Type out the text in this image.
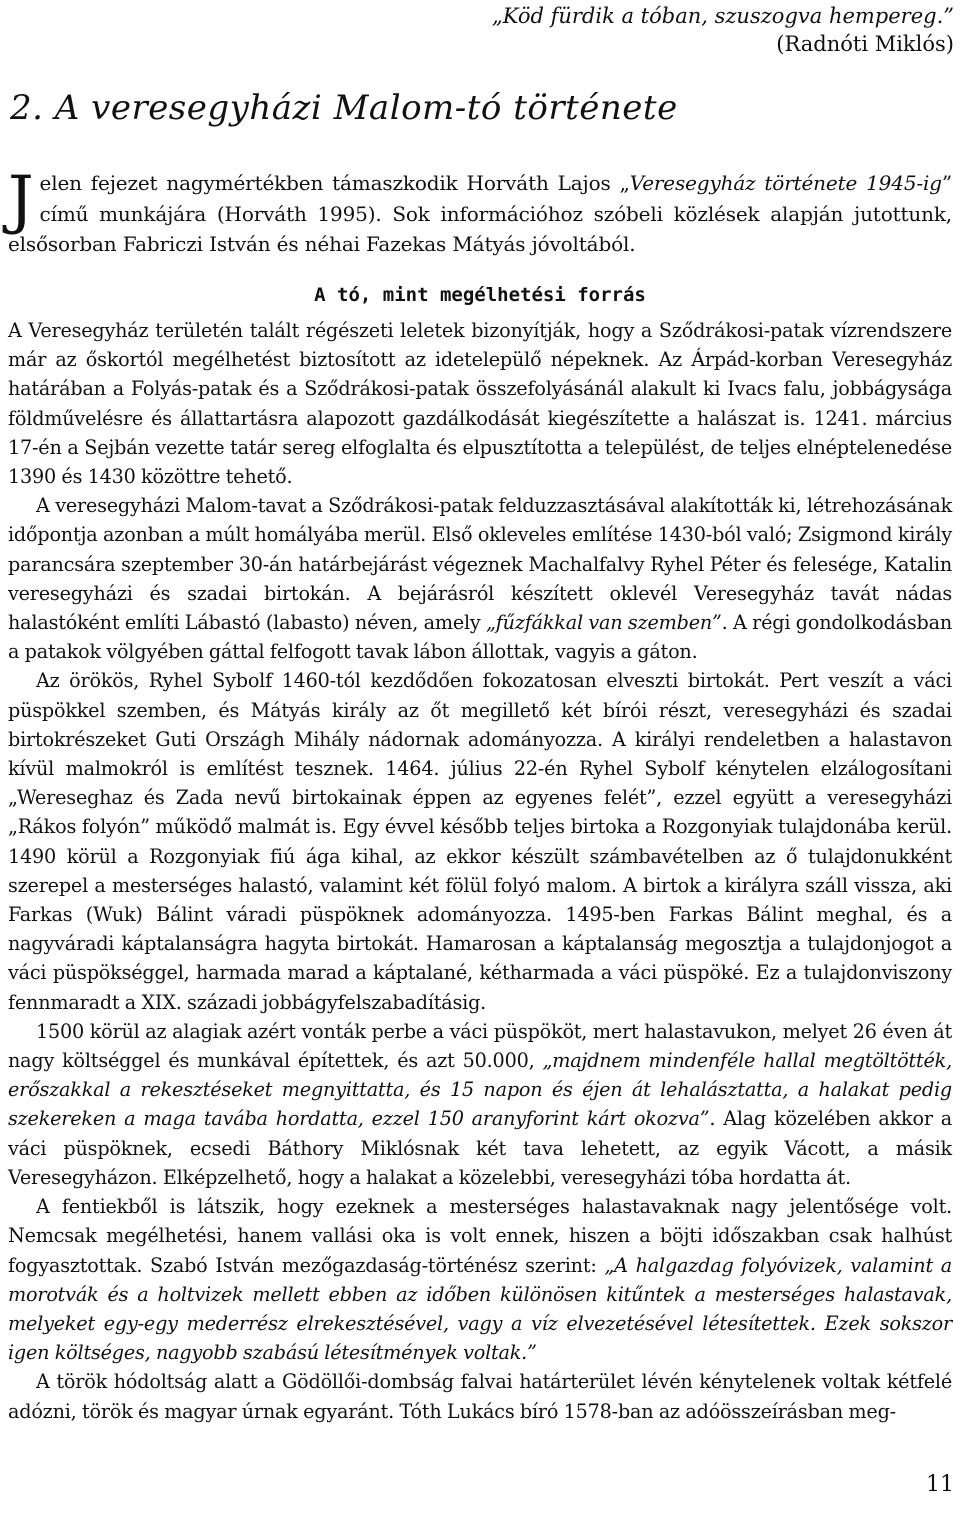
„Köd fürdik a tóban, szuszogva hempereg.”
(Radnóti Miklós)
2. A veresegyházi Malom-tó története

Jelen fejezet nagymértékben támaszkodik Horváth Lajos „Veresegyház története 1945-ig” című munkájára (Horváth 1995). Sok információhoz szóbeli közlések alapján jutottunk, elsősorban Fabriczi István és néhai Fazekas Mátyás jóvoltából.

A tó, mint megélhetési forrás

A Veresegyház területén talált régészeti leletek bizonyítják, hogy a Sződrákosi-patak vízrendszere már az őskortól megélhetést biztosított az idetelepülő népeknek. Az Árpád-korban Veresegyház határában a Folyás-patak és a Sződrákosi-patak összefolyásánál alakult ki Ivacs falu, jobbágysága földművelésre és állattartásra alapozott gazdálkodását kiegészítette a halászat is. 1241. március 17-én a Sejbán vezette tatár sereg elfoglalta és elpusztította a települést, de teljes elnéptelenedése 1390 és 1430 közöttre tehető.

A veresegyházi Malom-tavat a Sződrákosi-patak felduzzasztásával alakították ki, létrehozásának időpontja azonban a múlt homályába merül. Első okleveles említése 1430-ból való; Zsigmond király parancsára szeptember 30-án határbejárást végeznek Machalfalvy Ryhel Péter és felesége, Katalin veresegyházi és szadai birtokán. A bejárásról készített oklevél Veresegyház tavát nádas halastóként említi Lábastó (labasto) néven, amely „fűzfákkal van szemben”. A régi gondolkodásban a patakok völgyében gáttal felfogott tavak lábon állottak, vagyis a gáton.

Az örökös, Ryhel Sybolf 1460-tól kezdődően fokozatosan elveszti birtokát. Pert veszít a váci püspökkel szemben, és Mátyás király az őt megillető két bírói részt, veresegyházi és szadai birtokrészeket Guti Országh Mihály nádornak adományozza. A királyi rendeletben a halastavon kívül malmokról is említést tesznek. 1464. július 22-én Ryhel Sybolf kénytelen elzálogosítani „Wereseghaz és Zada nevű birtokainak éppen az egyenes felét”, ezzel együtt a veresegyházi „Rákos folyón” működő malmát is. Egy évvel később teljes birtoka a Rozgonyiak tulajdonába kerül. 1490 körül a Rozgonyiak fiú ága kihal, az ekkor készült számbavételben az ő tulajdonukként szerepel a mesterséges halastó, valamint két fölül folyó malom. A birtok a királyra száll vissza, aki Farkas (Wuk) Bálint váradi püspöknek adományozza. 1495-ben Farkas Bálint meghal, és a nagyváradi káptalanságra hagyta birtokát. Hamarosan a káptalanság megosztja a tulajdonjogot a váci püspökséggel, harmada marad a káptalané, kétharmada a váci püspöké. Ez a tulajdonviszony fennmaradt a XIX. századi jobbágyfelszabadításig.

1500 körül az alagiak azért vonták perbe a váci püspököt, mert halastavukon, melyet 26 éven át nagy költséggel és munkával építettek, és azt 50.000, „majdnem mindenféle hallal megtöltötték, erőszakkal a rekesztéseket megnyittatta, és 15 napon és éjen át lehalásztatta, a halakat pedig szekereken a maga tavába hordatta, ezzel 150 aranyforint kárt okozva”. Alag közelében akkor a váci püspöknek, ecsedi Báthory Miklósnak két tava lehetett, az egyik Vácott, a másik Veresegyházon. Elképzelhető, hogy a halakat a közelebbi, veresegyházi tóba hordatta át.

A fentiekből is látszik, hogy ezeknek a mesterséges halastavaknak nagy jelentősége volt. Nemcsak megélhetési, hanem vallási oka is volt ennek, hiszen a böjti időszakban csak halhúst fogyasztottak. Szabó István mezőgazdaság-történész szerint: „A halgazdag folyóvizek, valamint a morotvák és a holtvizek mellett ebben az időben különösen kitűntek a mesterséges halastavak, melyeket egy-egy mederrész elrekesztésével, vagy a víz elvezetésével létesítettek. Ezek sokszor igen költséges, nagyobb szabású létesítmények voltak.”

A török hódoltság alatt a Gödöllői-dombság falvai határterület lévén kénytelenek voltak kétfelé adózni, török és magyar úrnak egyaránt. Tóth Lukács bíró 1578-ban az adóösszeírásban meg-

11
